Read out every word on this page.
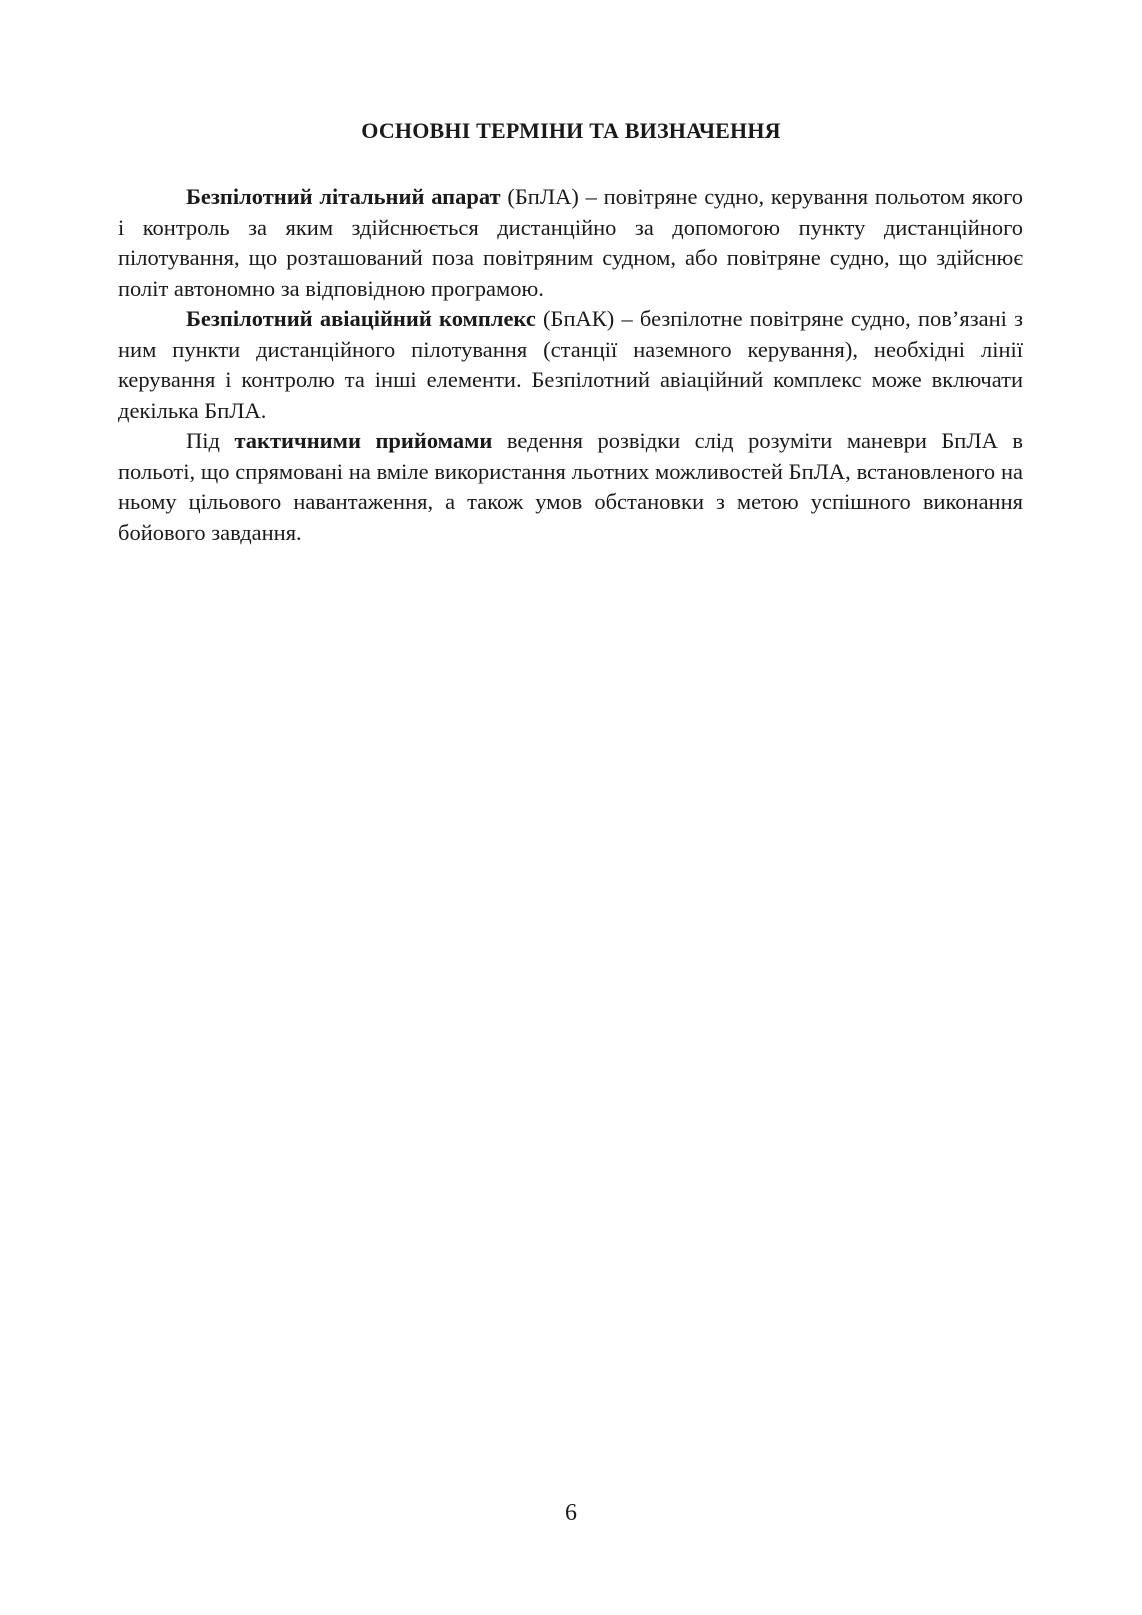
ОСНОВНІ ТЕРМІНИ ТА ВИЗНАЧЕННЯ

Безпілотний літальний апарат (БпЛА) – повітряне судно, керування польотом якого і контроль за яким здійснюється дистанційно за допомогою пункту дистанційного пілотування, що розташований поза повітряним судном, або повітряне судно, що здійснює політ автономно за відповідною програмою.

Безпілотний авіаційний комплекс (БпАК) – безпілотне повітряне судно, пов’язані з ним пункти дистанційного пілотування (станції наземного керування), необхідні лінії керування і контролю та інші елементи. Безпілотний авіаційний комплекс може включати декілька БпЛА.

Під тактичними прийомами ведення розвідки слід розуміти маневри БпЛА в польоті, що спрямовані на вміле використання льотних можливостей БпЛА, встановленого на ньому цільового навантаження, а також умов обстановки з метою успішного виконання бойового завдання.

6
